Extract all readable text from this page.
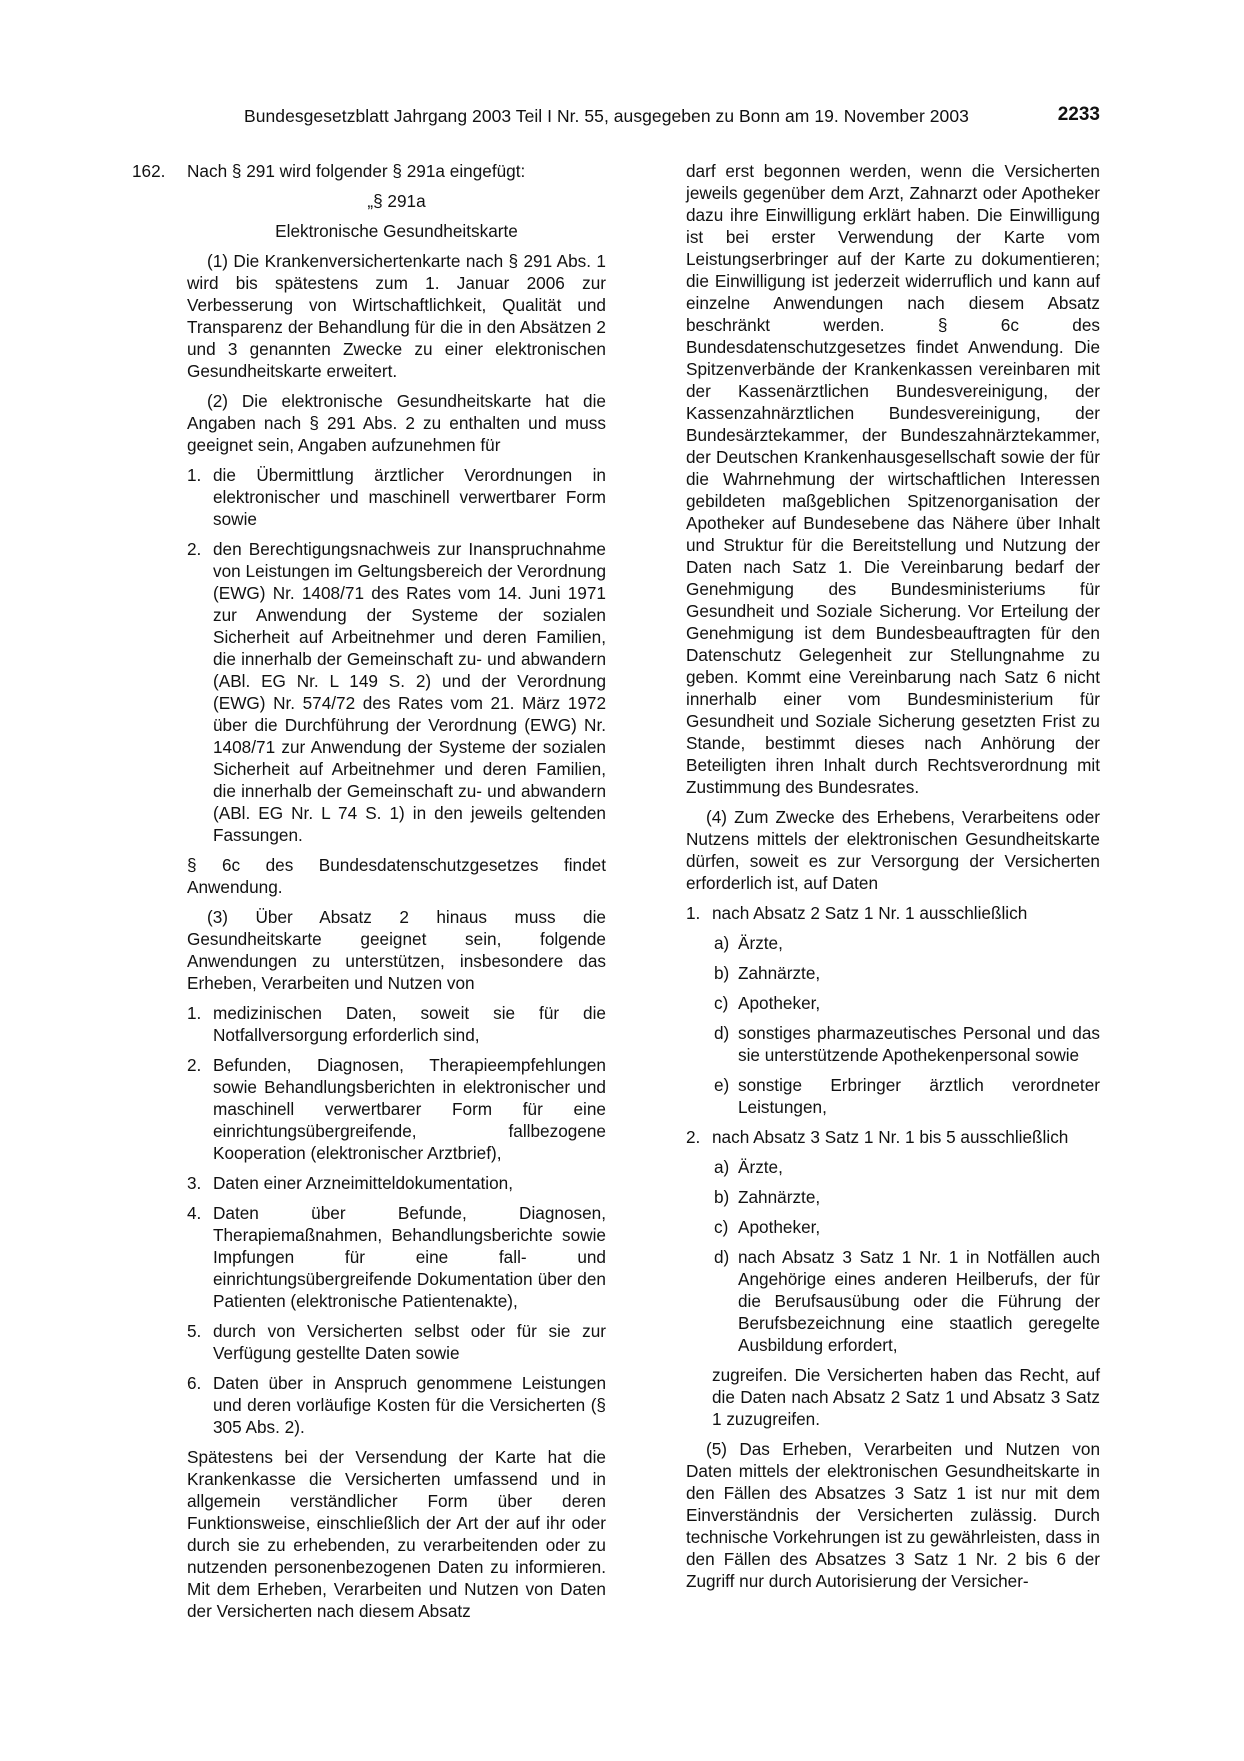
Bundesgesetzblatt Jahrgang 2003 Teil I Nr. 55, ausgegeben zu Bonn am 19. November 2003	2233
162. Nach § 291 wird folgender § 291a eingefügt:

„§ 291a

Elektronische Gesundheitskarte

(1) Die Krankenversichertenkarte nach § 291 Abs. 1 wird bis spätestens zum 1. Januar 2006 zur Verbesserung von Wirtschaftlichkeit, Qualität und Transparenz der Behandlung für die in den Absätzen 2 und 3 genannten Zwecke zu einer elektronischen Gesundheitskarte erweitert.

(2) Die elektronische Gesundheitskarte hat die Angaben nach § 291 Abs. 2 zu enthalten und muss geeignet sein, Angaben aufzunehmen für

1. die Übermittlung ärztlicher Verordnungen in elektronischer und maschinell verwertbarer Form sowie
2. den Berechtigungsnachweis zur Inanspruchnahme von Leistungen im Geltungsbereich der Verordnung (EWG) Nr. 1408/71 des Rates vom 14. Juni 1971 zur Anwendung der Systeme der sozialen Sicherheit auf Arbeitnehmer und deren Familien, die innerhalb der Gemeinschaft zu- und abwandern (ABl. EG Nr. L 149 S. 2) und der Verordnung (EWG) Nr. 574/72 des Rates vom 21. März 1972 über die Durchführung der Verordnung (EWG) Nr. 1408/71 zur Anwendung der Systeme der sozialen Sicherheit auf Arbeitnehmer und deren Familien, die innerhalb der Gemeinschaft zu- und abwandern (ABl. EG Nr. L 74 S. 1) in den jeweils geltenden Fassungen.

§ 6c des Bundesdatenschutzgesetzes findet Anwendung.

(3) Über Absatz 2 hinaus muss die Gesundheitskarte geeignet sein, folgende Anwendungen zu unterstützen, insbesondere das Erheben, Verarbeiten und Nutzen von

1. medizinischen Daten, soweit sie für die Notfallversorgung erforderlich sind,
2. Befunden, Diagnosen, Therapieempfehlungen sowie Behandlungsberichten in elektronischer und maschinell verwertbarer Form für eine einrichtungsübergreifende, fallbezogene Kooperation (elektronischer Arztbrief),
3. Daten einer Arzneimitteldokumentation,
4. Daten über Befunde, Diagnosen, Therapiemaßnahmen, Behandlungsberichte sowie Impfungen für eine fall- und einrichtungsübergreifende Dokumentation über den Patienten (elektronische Patientenakte),
5. durch von Versicherten selbst oder für sie zur Verfügung gestellte Daten sowie
6. Daten über in Anspruch genommene Leistungen und deren vorläufige Kosten für die Versicherten (§ 305 Abs. 2).

Spätestens bei der Versendung der Karte hat die Krankenkasse die Versicherten umfassend und in allgemein verständlicher Form über deren Funktionsweise, einschließlich der Art der auf ihr oder durch sie zu erhebenden, zu verarbeitenden oder zu nutzenden personenbezogenen Daten zu informieren. Mit dem Erheben, Verarbeiten und Nutzen von Daten der Versicherten nach diesem Absatz

darf erst begonnen werden, wenn die Versicherten jeweils gegenüber dem Arzt, Zahnarzt oder Apotheker dazu ihre Einwilligung erklärt haben. Die Einwilligung ist bei erster Verwendung der Karte vom Leistungserbringer auf der Karte zu dokumentieren; die Einwilligung ist jederzeit widerruflich und kann auf einzelne Anwendungen nach diesem Absatz beschränkt werden. § 6c des Bundesdatenschutzgesetzes findet Anwendung. Die Spitzenverbände der Krankenkassen vereinbaren mit der Kassenärztlichen Bundesvereinigung, der Kassenzahnärztlichen Bundesvereinigung, der Bundesärztekammer, der Bundeszahnärztekammer, der Deutschen Krankenhausgesellschaft sowie der für die Wahrnehmung der wirtschaftlichen Interessen gebildeten maßgeblichen Spitzenorganisation der Apotheker auf Bundesebene das Nähere über Inhalt und Struktur für die Bereitstellung und Nutzung der Daten nach Satz 1. Die Vereinbarung bedarf der Genehmigung des Bundesministeriums für Gesundheit und Soziale Sicherung. Vor Erteilung der Genehmigung ist dem Bundesbeauftragten für den Datenschutz Gelegenheit zur Stellungnahme zu geben. Kommt eine Vereinbarung nach Satz 6 nicht innerhalb einer vom Bundesministerium für Gesundheit und Soziale Sicherung gesetzten Frist zu Stande, bestimmt dieses nach Anhörung der Beteiligten ihren Inhalt durch Rechtsverordnung mit Zustimmung des Bundesrates.

(4) Zum Zwecke des Erhebens, Verarbeitens oder Nutzens mittels der elektronischen Gesundheitskarte dürfen, soweit es zur Versorgung der Versicherten erforderlich ist, auf Daten

1. nach Absatz 2 Satz 1 Nr. 1 ausschließlich
a) Ärzte,
b) Zahnärzte,
c) Apotheker,
d) sonstiges pharmazeutisches Personal und das sie unterstützende Apothekenpersonal sowie
e) sonstige Erbringer ärztlich verordneter Leistungen,
2. nach Absatz 3 Satz 1 Nr. 1 bis 5 ausschließlich
a) Ärzte,
b) Zahnärzte,
c) Apotheker,
d) nach Absatz 3 Satz 1 Nr. 1 in Notfällen auch Angehörige eines anderen Heilberufs, der für die Berufsausübung oder die Führung der Berufsbezeichnung eine staatlich geregelte Ausbildung erfordert,

zugreifen. Die Versicherten haben das Recht, auf die Daten nach Absatz 2 Satz 1 und Absatz 3 Satz 1 zuzugreifen.

(5) Das Erheben, Verarbeiten und Nutzen von Daten mittels der elektronischen Gesundheitskarte in den Fällen des Absatzes 3 Satz 1 ist nur mit dem Einverständnis der Versicherten zulässig. Durch technische Vorkehrungen ist zu gewährleisten, dass in den Fällen des Absatzes 3 Satz 1 Nr. 2 bis 6 der Zugriff nur durch Autorisierung der Versicher-
